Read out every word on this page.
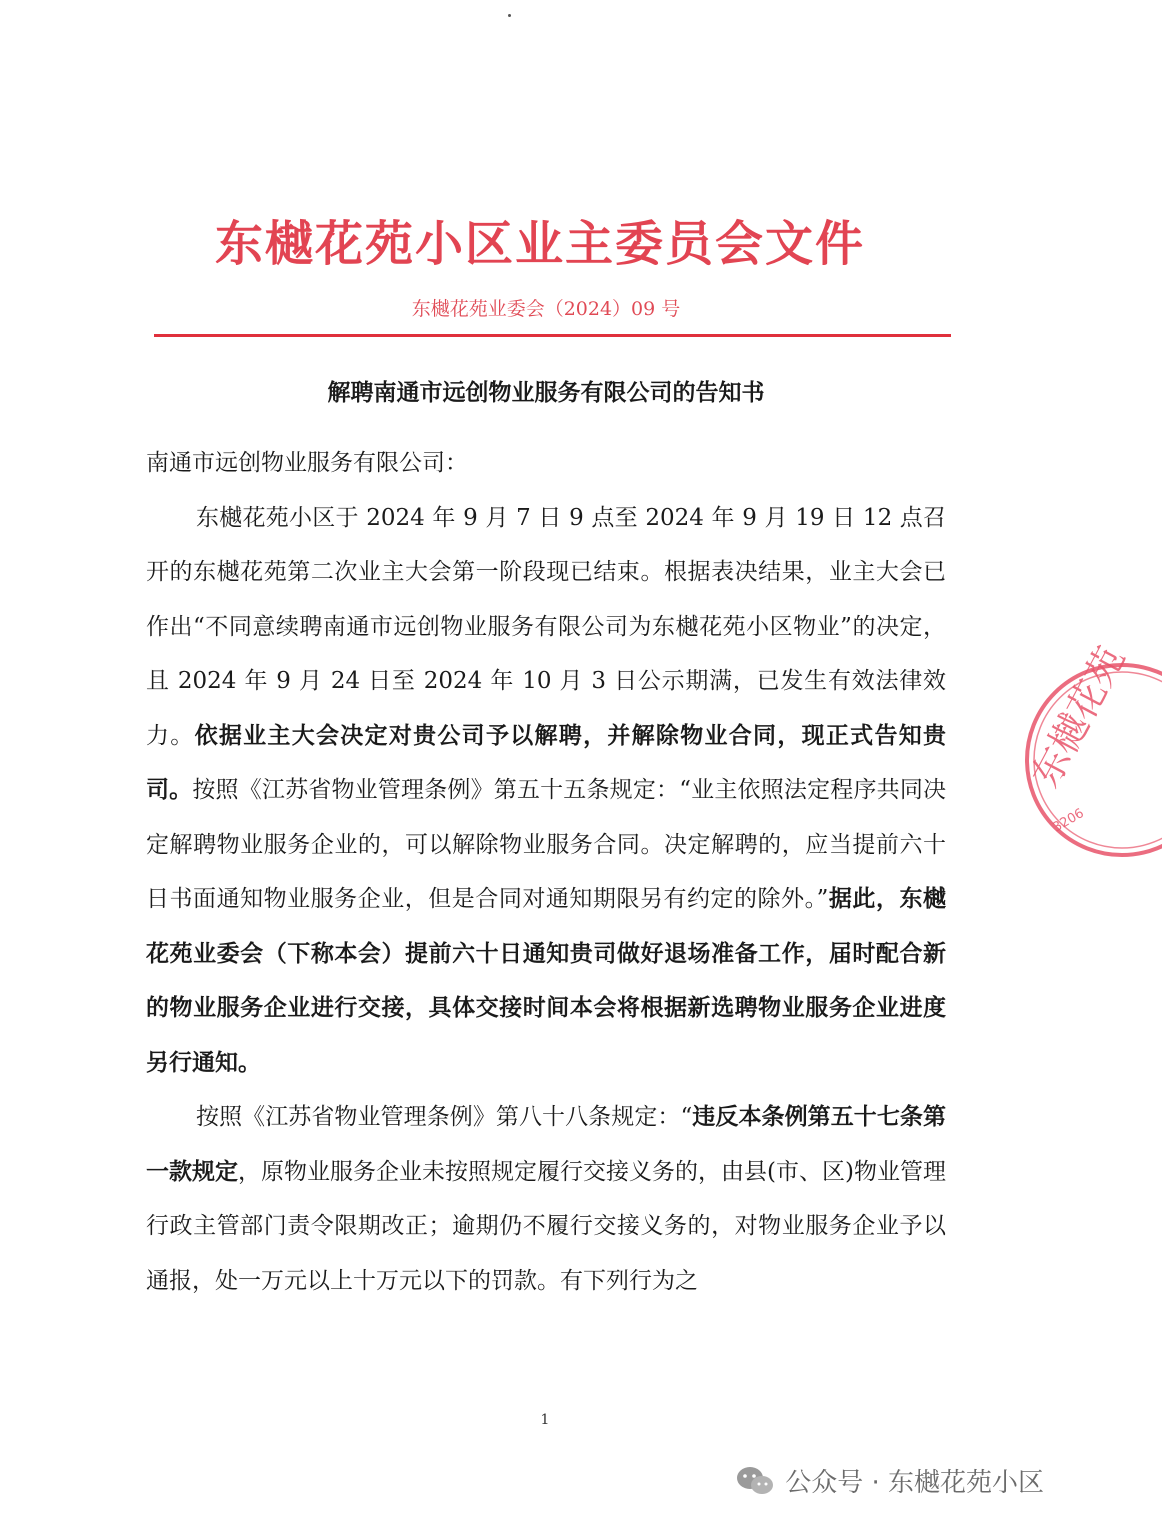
东樾花苑小区业主委员会文件
东樾花苑业委会（2024）09 号
解聘南通市远创物业服务有限公司的告知书

南通市远创物业服务有限公司：

东樾花苑小区于 2024 年 9 月 7 日 9 点至 2024 年 9 月 19 日 12 点召开的东樾花苑第二次业主大会第一阶段现已结束。根据表决结果，业主大会已作出“不同意续聘南通市远创物业服务有限公司为东樾花苑小区物业”的决定，且 2024 年 9 月 24 日至 2024 年 10 月 3 日公示期满，已发生有效法律效力。依据业主大会决定对贵公司予以解聘，并解除物业合同，现正式告知贵司。按照《江苏省物业管理条例》第五十五条规定：“业主依照法定程序共同决定解聘物业服务企业的，可以解除物业服务合同。决定解聘的，应当提前六十日书面通知物业服务企业，但是合同对通知期限另有约定的除外。”据此，东樾花苑业委会（下称本会）提前六十日通知贵司做好退场准备工作，届时配合新的物业服务企业进行交接，具体交接时间本会将根据新选聘物业服务企业进度另行通知。

按照《江苏省物业管理条例》第八十八条规定：“违反本条例第五十七条第一款规定，原物业服务企业未按照规定履行交接义务的，由县(市、区)物业管理行政主管部门责令限期改正；逾期仍不履行交接义务的，对物业服务企业予以通报，处一万元以上十万元以下的罚款。有下列行为之

东樾花苑
3206
1
公众号 · 东樾花苑小区
